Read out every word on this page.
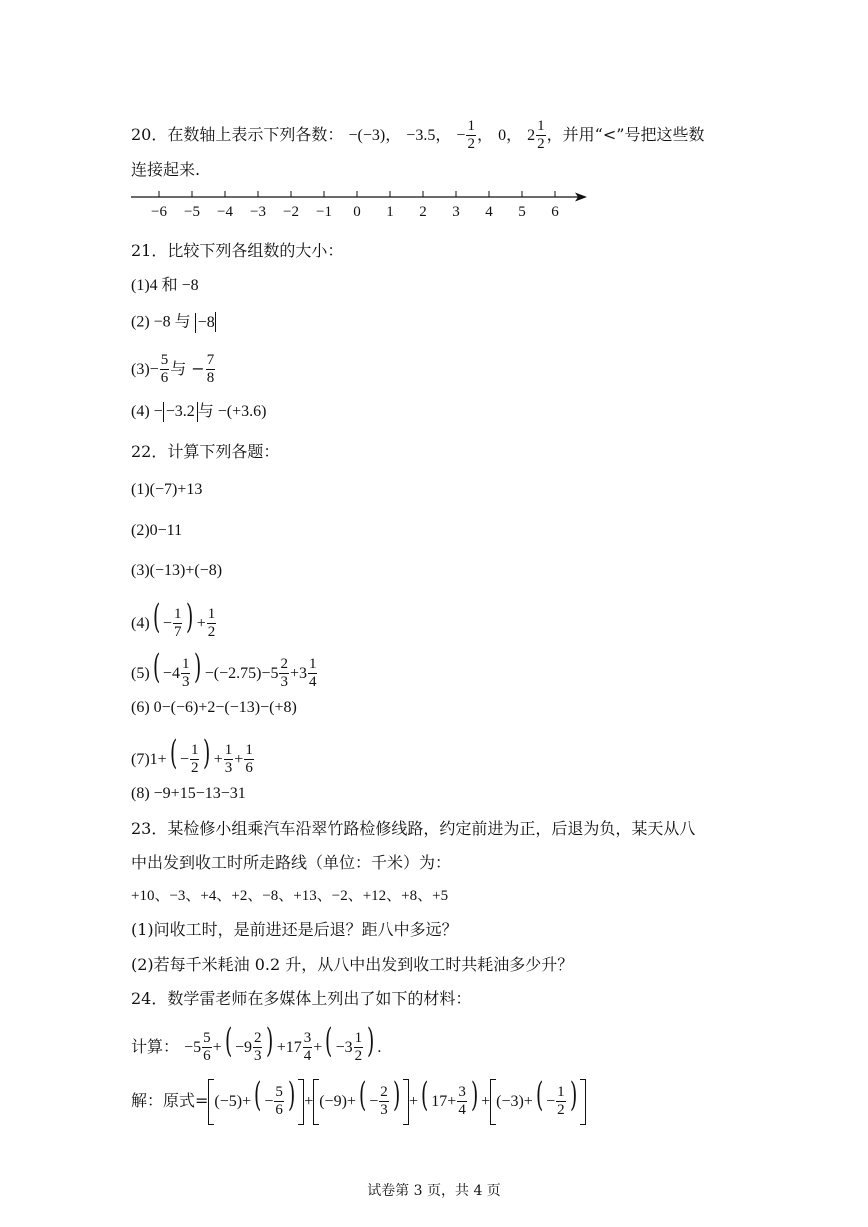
20．在数轴上表示下列各数： −(−3)， −3.5， − $\frac{1}{2}$ ， 0， $2 \frac{1}{2}$ ，并用“<”号把这些数
连接起来.
−6 −5 −4 −3 −2 −1 0 1 2 3 4 5 6
21．比较下列各组数的大小：
(1)4 和 −8
(2) −8 与 −8
$(3)- \frac{5}{6}$ 与 − $\frac{7}{8}$
(4) − −3.2 与 −(+3.6)
22．计算下列各题：
(1)(−7)+13
(2)0−11
(3)(−13)+(−8)
$(4)( - \frac{1}{7}$ ) + $\frac{1}{2}$
$(5)( -4 \frac{1}{3}$ ) $-(-2.75)-5 \frac{2}{3} +3 \frac{1}{4}$
(6) 0−(−6)+2−(−13)−(+8)
$(7)1+( - \frac{1}{2}$ ) + $\frac{1}{3} + \frac{1}{6}$
(8) −9+15−13−31
23．某检修小组乘汽车沿翠竹路检修线路，约定前进为正，后退为负，某天从八
中出发到收工时所走路线（单位：千米）为：
+10、−3、+4、+2、−8、+13、−2、+12、+8、+5
(1)问收工时，是前进还是后退？距八中多远？
(2)若每千米耗油 0.2 升，从八中出发到收工时共耗油多少升？
24．数学雷老师在多媒体上列出了如下的材料：
计算： $-5 \frac{5}{6}$ +( $-9 \frac{2}{3}$ ) $+17 \frac{3}{4}$ +( $-3 \frac{1}{2}$ ) .
解：原式= $(-5)+( - \frac{5}{6}$ ) + $(-9)+( - \frac{2}{3}$ ) +( $17+ \frac{3}{4}$ ) + $(-3)+( - \frac{1}{2}$ )
试卷第 3 页，共 4 页
